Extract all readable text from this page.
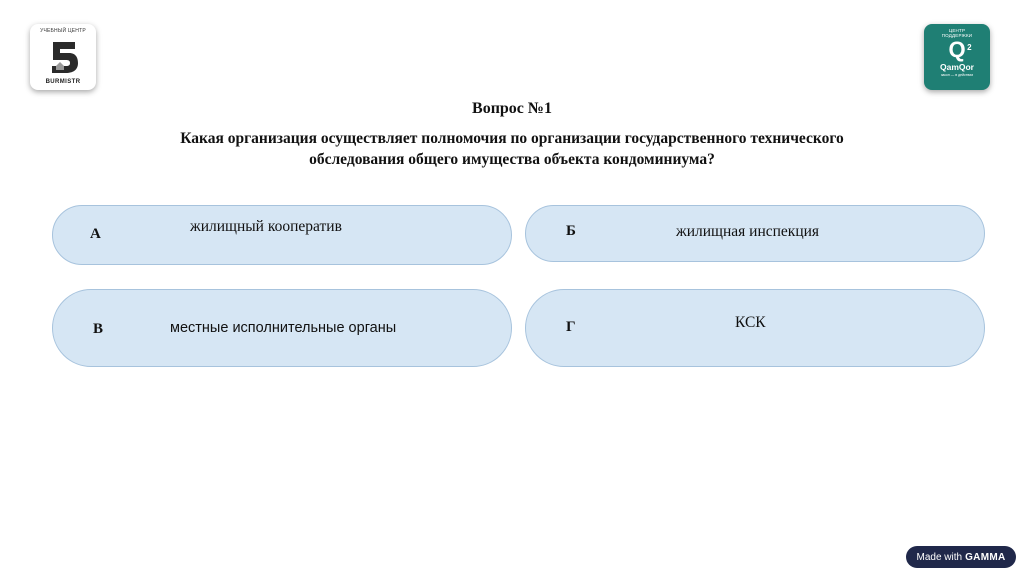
УЧЕБНЫЙ ЦЕНТР
BURMISTR
ЦЕНТР
ПОДДЕРЖКИ
Q 2
QamQor
закон — в действии
Вопрос №1
Какая организация осуществляет полномочия по организации государственного технического обследования общего имущества объекта кондоминиума?
А	жилищный кооператив	Б	жилищная инспекция
В	местные исполнительные органы	Г	КСК
Made with GAMMA
